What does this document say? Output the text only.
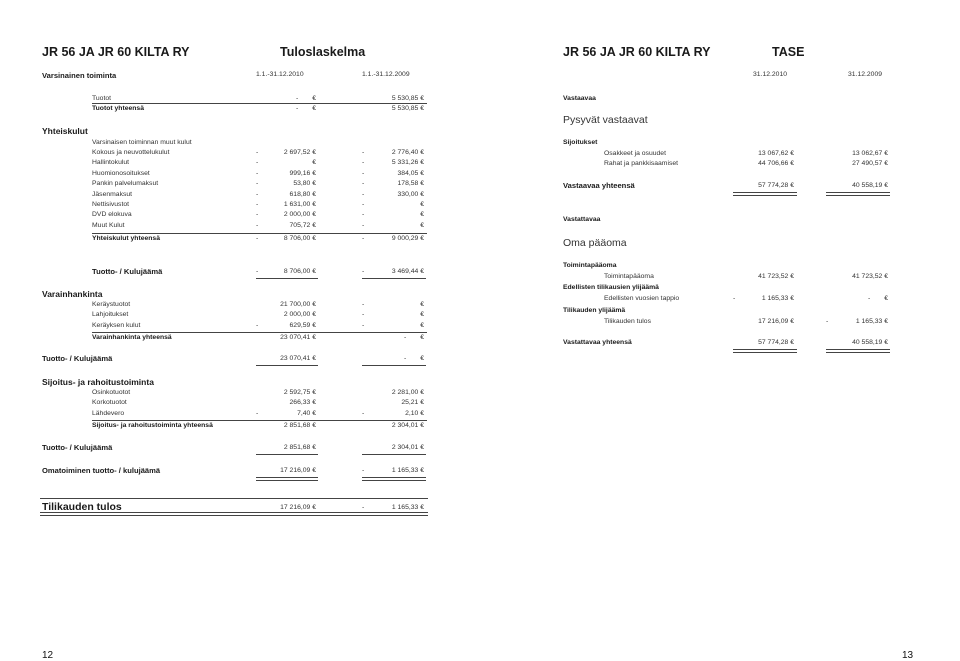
JR 56 JA JR 60 KILTA RY	Tuloslaskelma
Varsinainen toiminta	1.1.-31.12.2010	1.1.-31.12.2009
Tuotot	-	€	5 530,85 €
Tuotot yhteensä	-	€	5 530,85 €
Yhteiskulut
Varsinaisen toiminnan muut kulut
Kokous ja neuvottelukulut	-	2 697,52 €	-	2 776,40 €
Hallintokulut	-	€	-	5 331,26 €
Huomionosoitukset	-	999,16 €	-	384,05 €
Pankin palvelumaksut	-	53,80 €	-	178,58 €
Jäsenmaksut	-	618,80 €	-	330,00 €
Nettisivustot	-	1 631,00 €	-	€
DVD elokuva	-	2 000,00 €	-	€
Muut Kulut	-	705,72 €	-	€
Yhteiskulut yhteensä	-	8 706,00 €	-	9 000,29 €
Tuotto- / Kulujäämä	-	8 706,00 €	-	3 469,44 €
Varainhankinta
Keräystuotot	21 700,00 €	-	€
Lahjoitukset	2 000,00 €	-	€
Keräyksen kulut	-	629,59 €	-	€
Varainhankinta yhteensä	23 070,41 €	-	€
Tuotto- / Kulujäämä	23 070,41 €	-	€
Sijoitus- ja rahoitustoiminta
Osinkotuotot	2 592,75 €	2 281,00 €
Korkotuotot	266,33 €	25,21 €
Lähdevero	-	7,40 €	-	2,10 €
Sijoitus- ja rahoitustoiminta yhteensä	2 851,68 €	2 304,01 €
Tuotto- / Kulujäämä	2 851,68 €	2 304,01 €
Omatoiminen tuotto- / kulujäämä	17 216,09 €	-	1 165,33 €
Tilikauden tulos	17 216,09 €	-	1 165,33 €
12
JR 56 JA JR 60 KILTA RY	TASE
31.12.2010	31.12.2009
Vastaavaa
Pysyvät vastaavat
Sijoitukset
Osakkeet ja osuudet	13 067,62 €	13 062,67 €
Rahat ja pankkisaamiset	44 706,66 €	27 490,57 €
Vastaavaa yhteensä	57 774,28 €	40 558,19 €
Vastattavaa
Oma pääoma
Toimintapääoma
Toimintapääoma	41 723,52 €	41 723,52 €
Edellisten tilikausien ylijäämä
Edellisten vuosien tappio	-	1 165,33 €	-	€
Tilikauden ylijäämä
Tilikauden tulos	17 216,09 €	-	1 165,33 €
Vastattavaa yhteensä	57 774,28 €	40 558,19 €
13
